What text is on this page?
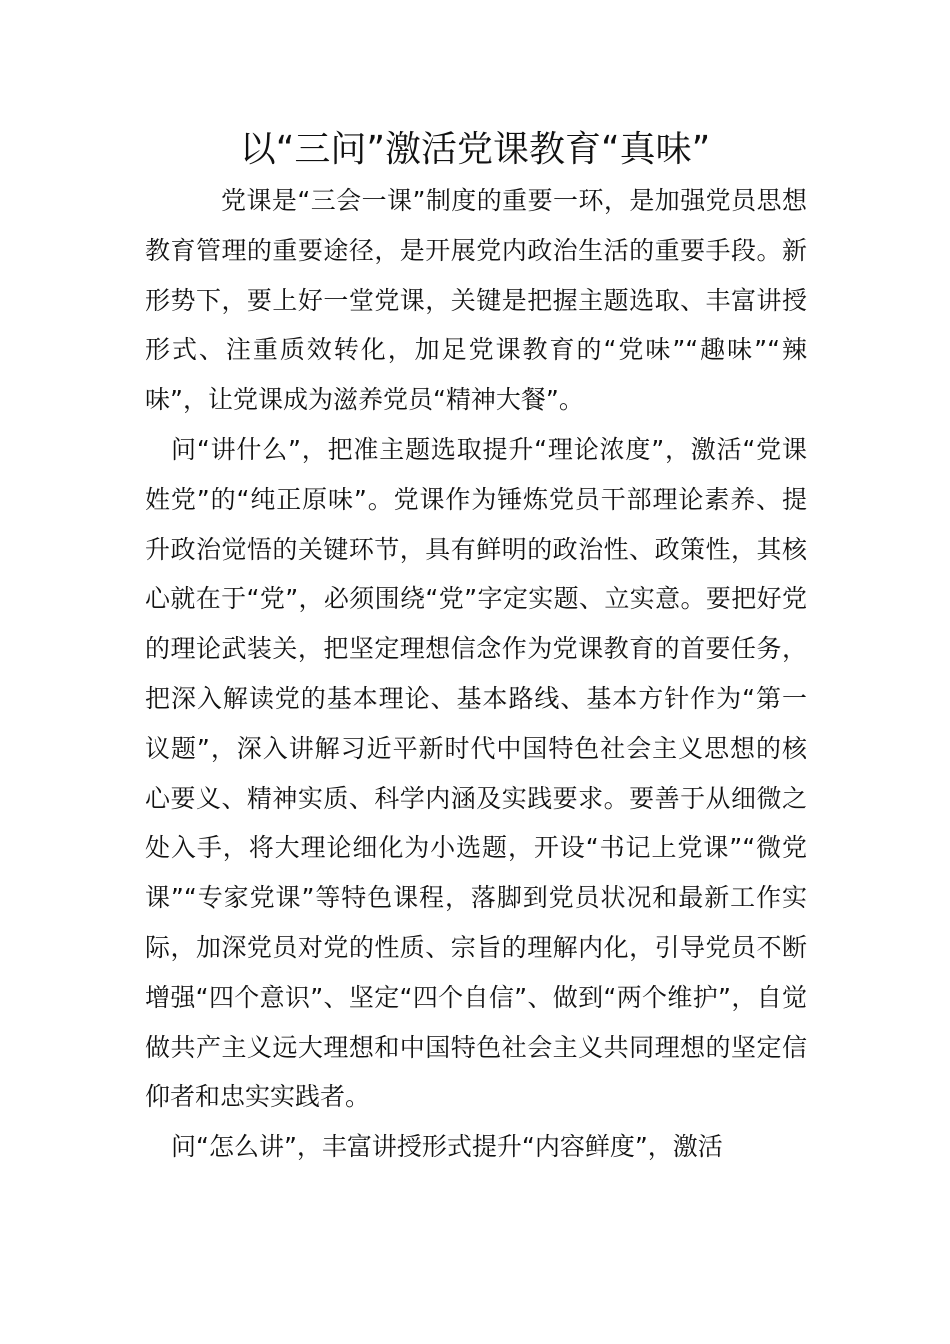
以“三问”激活党课教育“真味”

党课是“三会一课”制度的重要一环，是加强党员思想教育管理的重要途径，是开展党内政治生活的重要手段。新形势下，要上好一堂党课，关键是把握主题选取、丰富讲授形式、注重质效转化，加足党课教育的“党味”“趣味”“辣味”，让党课成为滋养党员“精神大餐”。

问“讲什么”，把准主题选取提升“理论浓度”，激活“党课姓党”的“纯正原味”。党课作为锤炼党员干部理论素养、提升政治觉悟的关键环节，具有鲜明的政治性、政策性，其核心就在于“党”，必须围绕“党”字定实题、立实意。要把好党的理论武装关，把坚定理想信念作为党课教育的首要任务，把深入解读党的基本理论、基本路线、基本方针作为“第一议题”，深入讲解习近平新时代中国特色社会主义思想的核心要义、精神实质、科学内涵及实践要求。要善于从细微之处入手，将大理论细化为小选题，开设“书记上党课”“微党课”“专家党课”等特色课程，落脚到党员状况和最新工作实际，加深党员对党的性质、宗旨的理解内化，引导党员不断增强“四个意识”、坚定“四个自信”、做到“两个维护”，自觉做共产主义远大理想和中国特色社会主义共同理想的坚定信仰者和忠实实践者。

问“怎么讲”，丰富讲授形式提升“内容鲜度”，激活
